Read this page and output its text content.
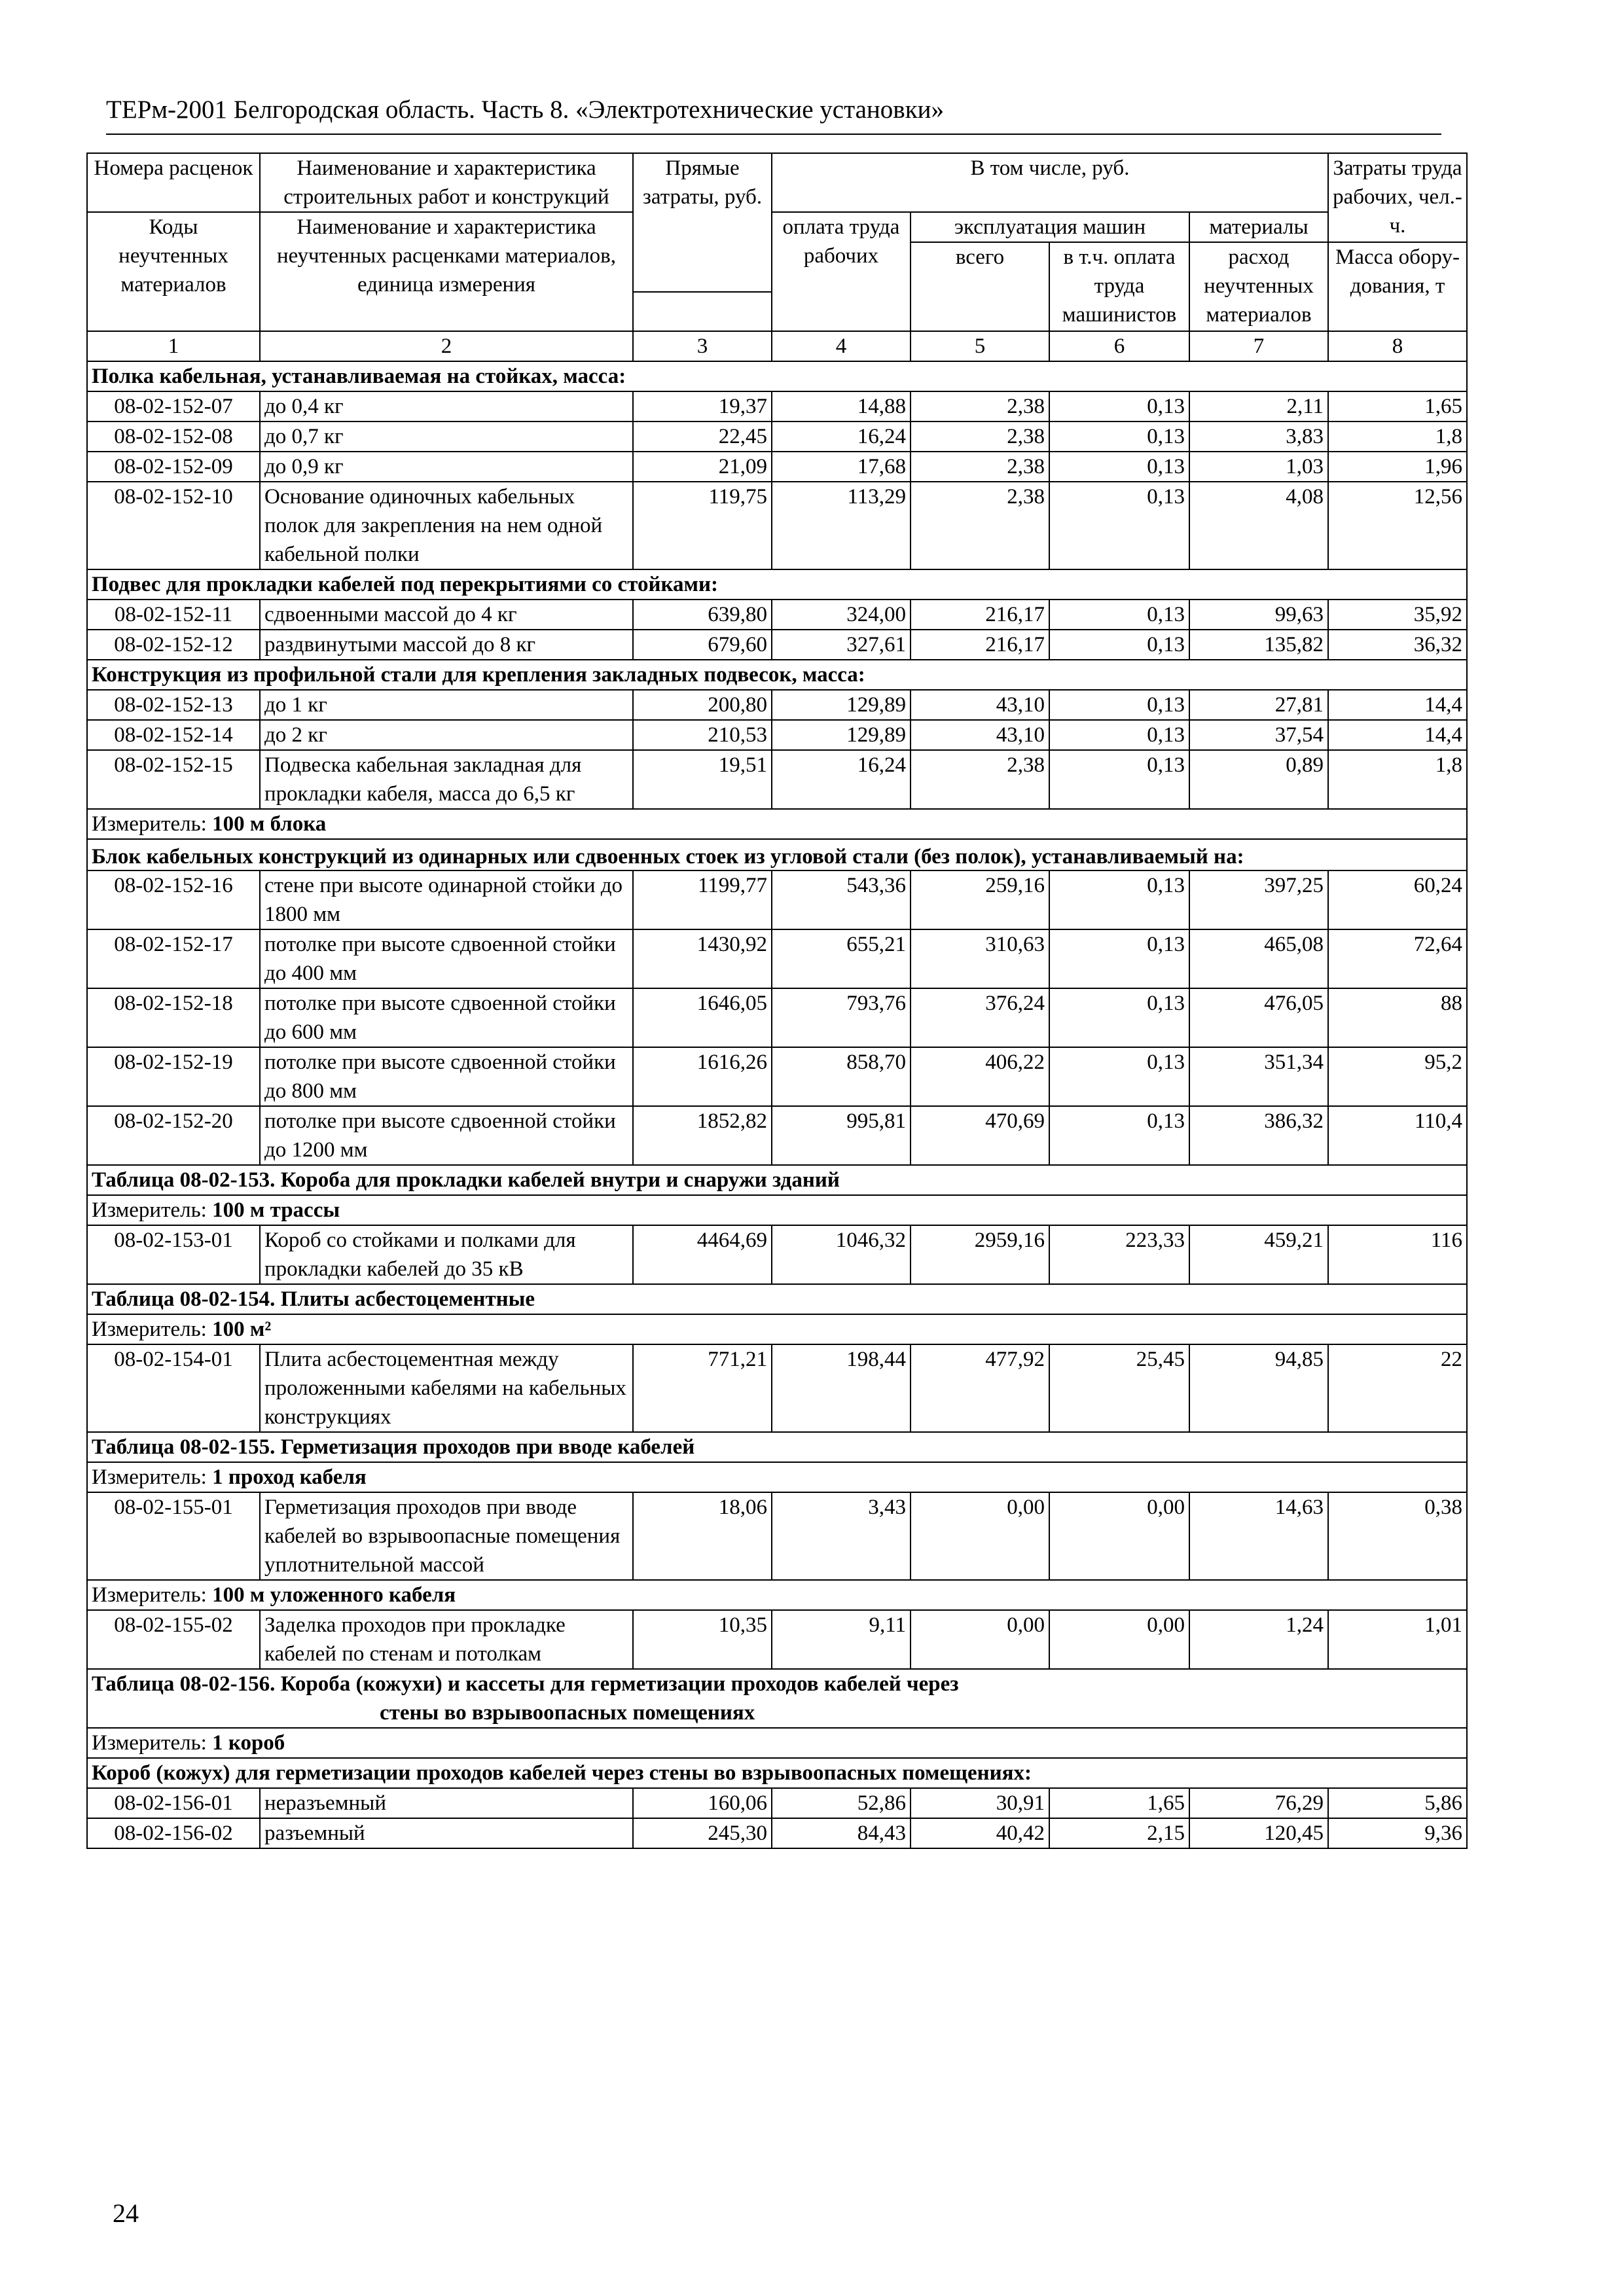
ТЕРм-2001 Белгородская область. Часть 8. «Электротехнические установки»
Номера расценок	Наименование и характеристика строительных работ и конструкций	Прямые затраты, руб.	В том числе, руб.				Затраты труда рабочих, чел.-ч.
Коды неучтенных материалов	Наименование и характеристика неучтенных расценками материалов, единица измерения		оплата труда рабочих	эксплуатация машин		материалы	
				всего	в т.ч. оплата труда машинистов	расход неучтенных материалов	Масса обору-дования, т

1	2	3	4	5	6	7	8
Полка кабельная, устанавливаемая на стойках, масса:							
08-02-152-07	до 0,4 кг	19,37	14,88	2,38	0,13	2,11	1,65
08-02-152-08	до 0,7 кг	22,45	16,24	2,38	0,13	3,83	1,8
08-02-152-09	до 0,9 кг	21,09	17,68	2,38	0,13	1,03	1,96
08-02-152-10	Основание одиночных кабельных полок для закрепления на нем одной кабельной полки	119,75	113,29	2,38	0,13	4,08	12,56
Подвес для прокладки кабелей под перекрытиями со стойками:							
08-02-152-11	сдвоенными массой до 4 кг	639,80	324,00	216,17	0,13	99,63	35,92
08-02-152-12	раздвинутыми массой до 8 кг	679,60	327,61	216,17	0,13	135,82	36,32
Конструкция из профильной стали для крепления закладных подвесок, масса:							
08-02-152-13	до 1 кг	200,80	129,89	43,10	0,13	27,81	14,4
08-02-152-14	до 2 кг	210,53	129,89	43,10	0,13	37,54	14,4
08-02-152-15	Подвеска кабельная закладная для прокладки кабеля, масса до 6,5 кг	19,51	16,24	2,38	0,13	0,89	1,8
Измеритель: 100 м блока							
Блок кабельных конструкций из одинарных или сдвоенных стоек из угловой стали (без полок), устанавливаемый на:							
08-02-152-16	стене при высоте одинарной стойки до 1800 мм	1199,77	543,36	259,16	0,13	397,25	60,24
08-02-152-17	потолке при высоте сдвоенной стойки до 400 мм	1430,92	655,21	310,63	0,13	465,08	72,64
08-02-152-18	потолке при высоте сдвоенной стойки до 600 мм	1646,05	793,76	376,24	0,13	476,05	88
08-02-152-19	потолке при высоте сдвоенной стойки до 800 мм	1616,26	858,70	406,22	0,13	351,34	95,2
08-02-152-20	потолке при высоте сдвоенной стойки до 1200 мм	1852,82	995,81	470,69	0,13	386,32	110,4
Таблица 08-02-153. Короба для прокладки кабелей внутри и снаружи зданий							
Измеритель: 100 м трассы							
08-02-153-01	Короб со стойками и полками для прокладки кабелей до 35 кВ	4464,69	1046,32	2959,16	223,33	459,21	116
Таблица 08-02-154. Плиты асбестоцементные							
Измеритель: 100 м²							
08-02-154-01	Плита асбестоцементная между проложенными кабелями на кабельных конструкциях	771,21	198,44	477,92	25,45	94,85	22
Таблица 08-02-155. Герметизация проходов при вводе кабелей							
Измеритель: 1 проход кабеля							
08-02-155-01	Герметизация проходов при вводе кабелей во взрывоопасные помещения уплотнительной массой	18,06	3,43	0,00	0,00	14,63	0,38
Измеритель: 100 м уложенного кабеля							
08-02-155-02	Заделка проходов при прокладке кабелей по стенам и потолкам	10,35	9,11	0,00	0,00	1,24	1,01

Таблица 08-02-156. Короба (кожухи) и кассеты для герметизации проходов кабелей через
стены во взрывоопасных помещениях							

Измеритель: 1 короб							
Короб (кожух) для герметизации проходов кабелей через стены во взрывоопасных помещениях:							
08-02-156-01	неразъемный	160,06	52,86	30,91	1,65	76,29	5,86
08-02-156-02	разъемный	245,30	84,43	40,42	2,15	120,45	9,36
24
